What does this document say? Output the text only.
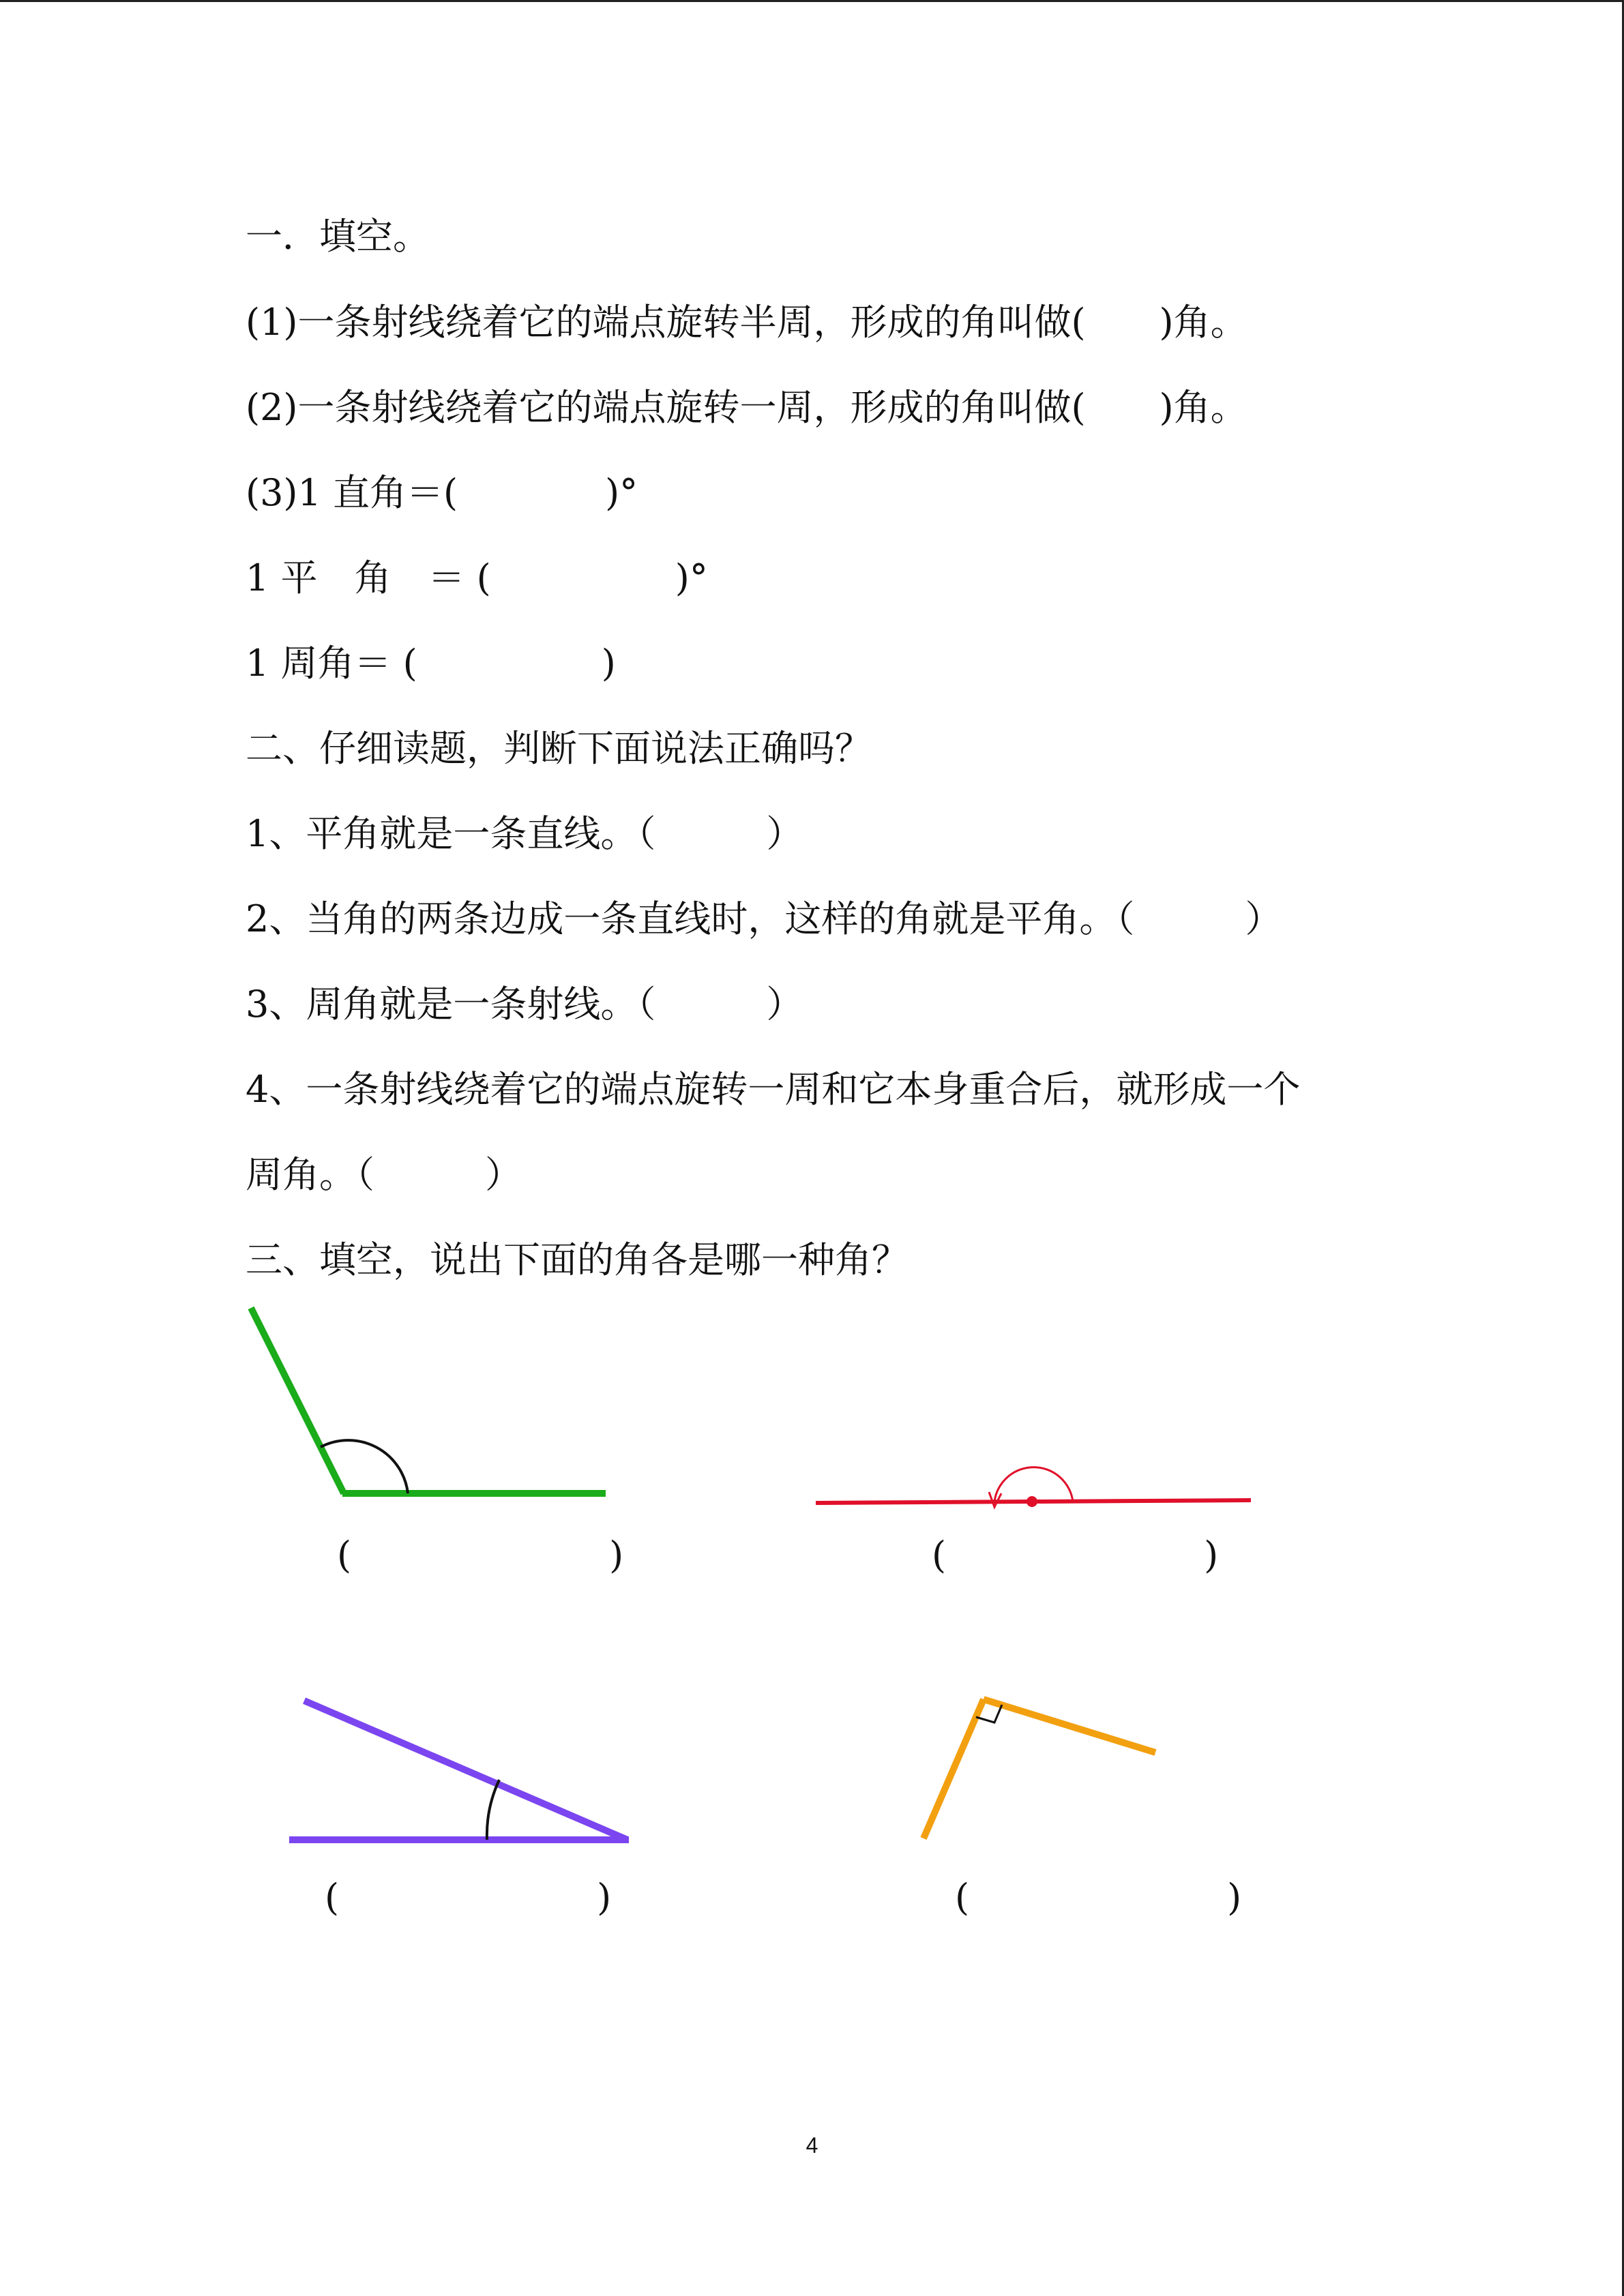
一．填空。

(1)一条射线绕着它的端点旋转半周，形成的角叫做(　　)角。

(2)一条射线绕着它的端点旋转一周，形成的角叫做(　　)角。

(3)1 直角＝(　　　　)°

1 平　角　＝ (　　　　　)°

1 周角＝ (　　　　　)

二、仔细读题，判断下面说法正确吗？

1、平角就是一条直线。（　　　）

2、当角的两条边成一条直线时，这样的角就是平角。（　　　）

3、周角就是一条射线。（　　　）

4、一条射线绕着它的端点旋转一周和它本身重合后，就形成一个

周角。（　　　）

三、填空，说出下面的角各是哪一种角？

(　　　　　　　)	(　　　　　　　)
(　　　　　　　)	(　　　　　　　)
4
